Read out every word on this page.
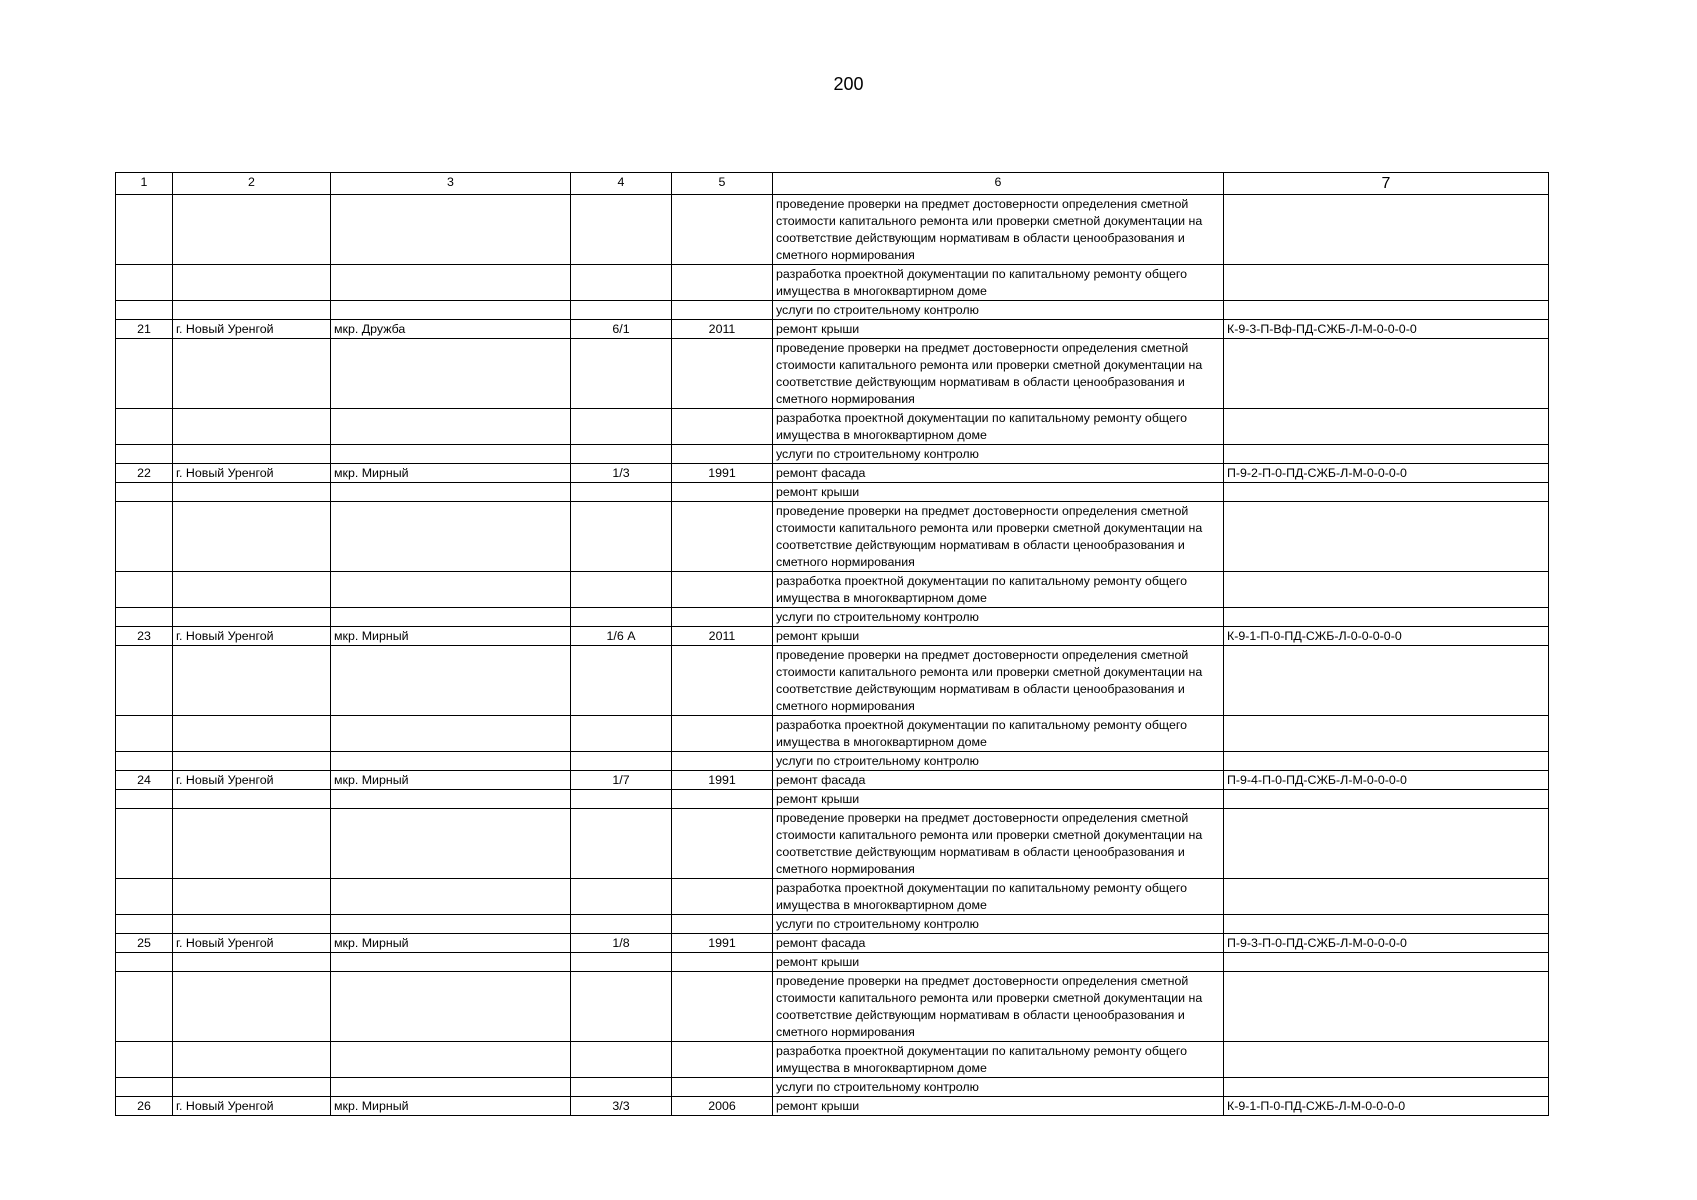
200
1	2	3	4	5	6	7
					проведение проверки на предмет достоверности определения сметной стоимости капитального ремонта или проверки сметной документации на соответствие действующим нормативам в области ценообразования и сметного нормирования	
					разработка проектной документации по капитальному ремонту общего имущества в многоквартирном доме	
					услуги по строительному контролю	
21	г. Новый Уренгой	мкр. Дружба	6/1	2011	ремонт крыши	К-9-3-П-Вф-ПД-СЖБ-Л-М-0-0-0-0
					проведение проверки на предмет достоверности определения сметной стоимости капитального ремонта или проверки сметной документации на соответствие действующим нормативам в области ценообразования и сметного нормирования	
					разработка проектной документации по капитальному ремонту общего имущества в многоквартирном доме	
					услуги по строительному контролю	
22	г. Новый Уренгой	мкр. Мирный	1/3	1991	ремонт фасада	П-9-2-П-0-ПД-СЖБ-Л-М-0-0-0-0
					ремонт крыши	
					проведение проверки на предмет достоверности определения сметной стоимости капитального ремонта или проверки сметной документации на соответствие действующим нормативам в области ценообразования и сметного нормирования	
					разработка проектной документации по капитальному ремонту общего имущества в многоквартирном доме	
					услуги по строительному контролю	
23	г. Новый Уренгой	мкр. Мирный	1/6 А	2011	ремонт крыши	К-9-1-П-0-ПД-СЖБ-Л-0-0-0-0-0
					проведение проверки на предмет достоверности определения сметной стоимости капитального ремонта или проверки сметной документации на соответствие действующим нормативам в области ценообразования и сметного нормирования	
					разработка проектной документации по капитальному ремонту общего имущества в многоквартирном доме	
					услуги по строительному контролю	
24	г. Новый Уренгой	мкр. Мирный	1/7	1991	ремонт фасада	П-9-4-П-0-ПД-СЖБ-Л-М-0-0-0-0
					ремонт крыши	
					проведение проверки на предмет достоверности определения сметной стоимости капитального ремонта или проверки сметной документации на соответствие действующим нормативам в области ценообразования и сметного нормирования	
					разработка проектной документации по капитальному ремонту общего имущества в многоквартирном доме	
					услуги по строительному контролю	
25	г. Новый Уренгой	мкр. Мирный	1/8	1991	ремонт фасада	П-9-3-П-0-ПД-СЖБ-Л-М-0-0-0-0
					ремонт крыши	
					проведение проверки на предмет достоверности определения сметной стоимости капитального ремонта или проверки сметной документации на соответствие действующим нормативам в области ценообразования и сметного нормирования	
					разработка проектной документации по капитальному ремонту общего имущества в многоквартирном доме	
					услуги по строительному контролю	
26	г. Новый Уренгой	мкр. Мирный	3/3	2006	ремонт крыши	К-9-1-П-0-ПД-СЖБ-Л-М-0-0-0-0
